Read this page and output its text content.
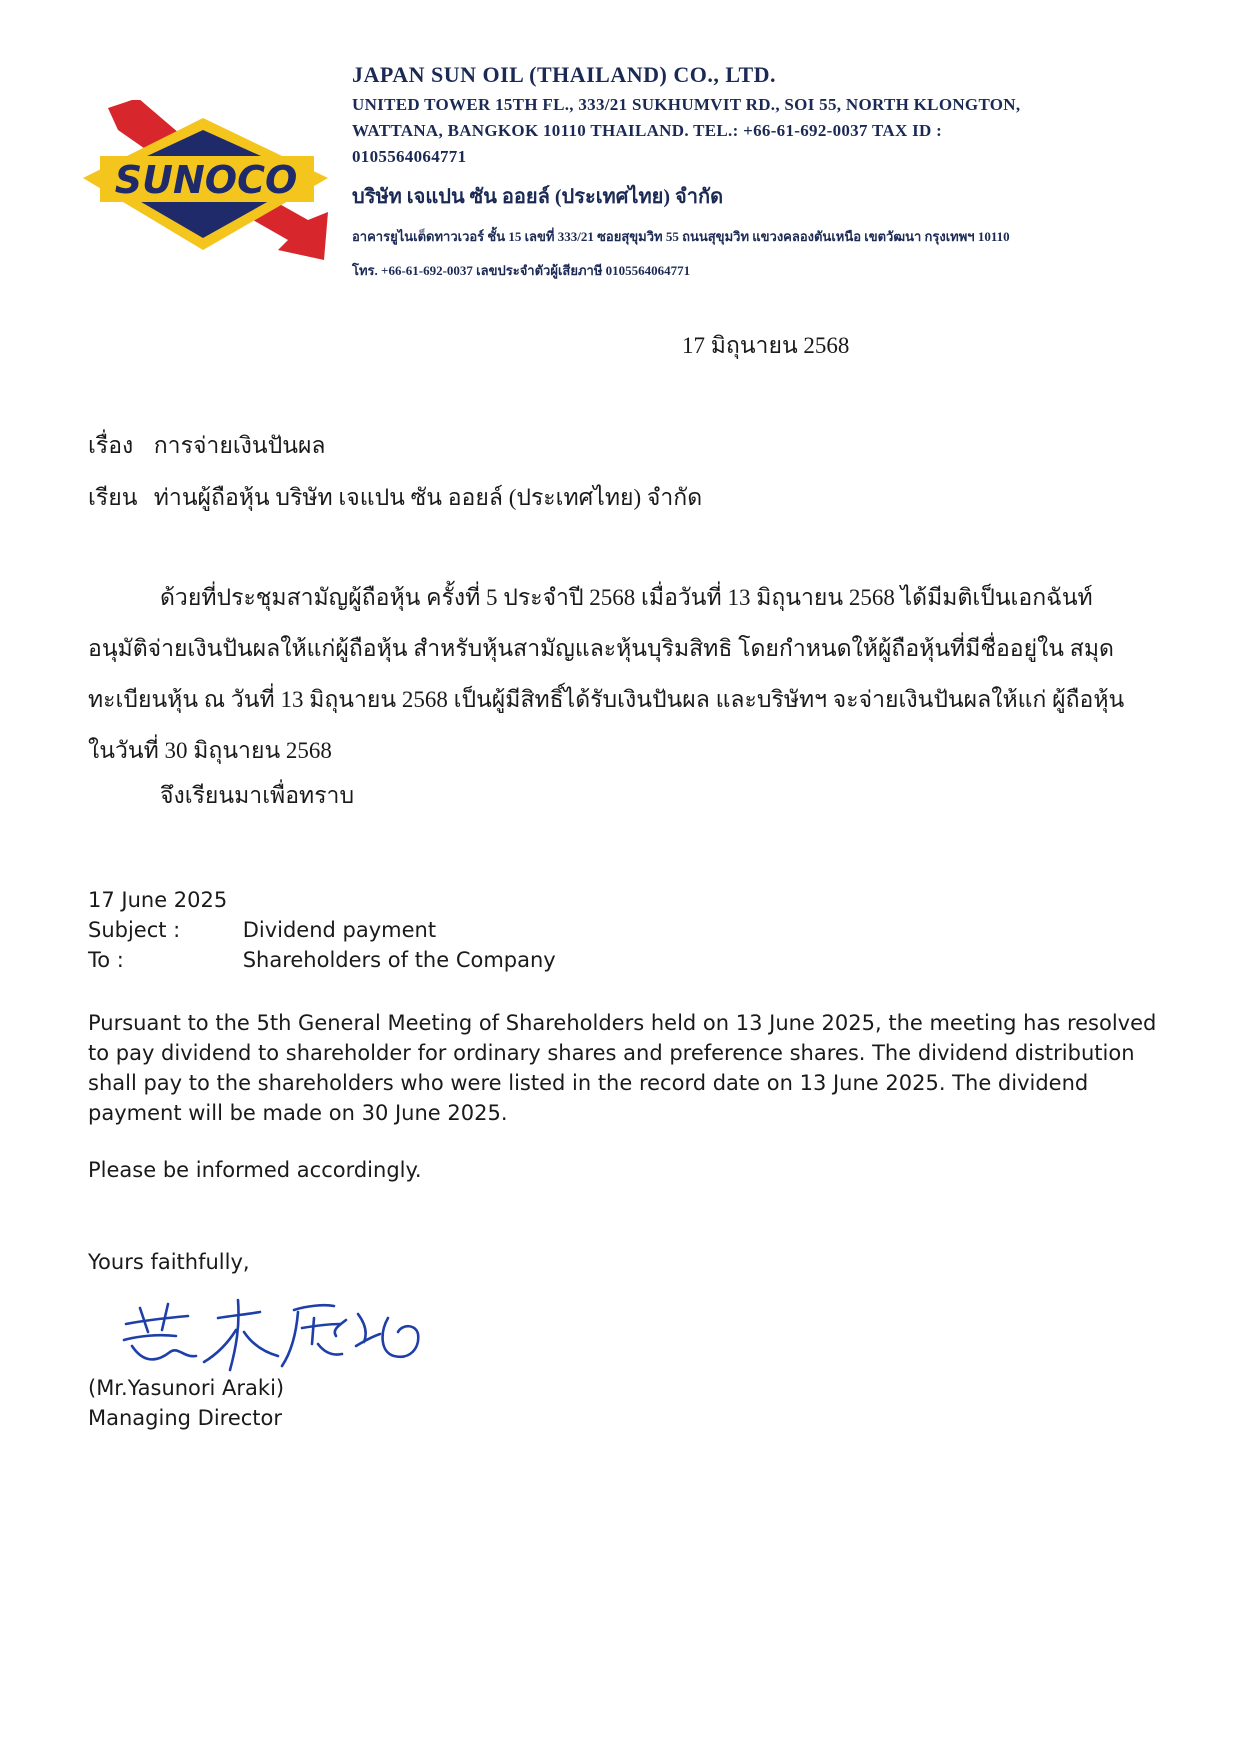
SUNOCO
JAPAN SUN OIL (THAILAND) CO., LTD.
UNITED TOWER 15TH FL., 333/21 SUKHUMVIT RD., SOI 55, NORTH KLONGTON,
WATTANA, BANGKOK 10110 THAILAND. TEL.: +66-61-692-0037 TAX ID :
0105564064771
บริษัท เจแปน ซัน ออยล์ (ประเทศไทย) จำกัด
อาคารยูไนเต็ดทาวเวอร์ ชั้น 15 เลขที่ 333/21 ซอยสุขุมวิท 55 ถนนสุขุมวิท แขวงคลองตันเหนือ เขตวัฒนา กรุงเทพฯ 10110
โทร. +66-61-692-0037 เลขประจำตัวผู้เสียภาษี 0105564064771
17 มิถุนายน 2568
เรื่อง การจ่ายเงินปันผล
เรียน ท่านผู้ถือหุ้น บริษัท เจแปน ซัน ออยล์ (ประเทศไทย) จำกัด
ด้วยที่ประชุมสามัญผู้ถือหุ้น ครั้งที่ 5 ประจำปี 2568 เมื่อวันที่ 13 มิถุนายน 2568 ได้มีมติเป็นเอกฉันท์ อนุมัติจ่ายเงินปันผลให้แก่ผู้ถือหุ้น สำหรับหุ้นสามัญและหุ้นบุริมสิทธิ โดยกำหนดให้ผู้ถือหุ้นที่มีชื่ออยู่ใน สมุดทะเบียนหุ้น ณ วันที่ 13 มิถุนายน 2568 เป็นผู้มีสิทธิ์ได้รับเงินปันผล และบริษัทฯ จะจ่ายเงินปันผลให้แก่ ผู้ถือหุ้นในวันที่ 30 มิถุนายน 2568
จึงเรียนมาเพื่อทราบ
17 June 2025
Subject :	Dividend payment
To :	Shareholders of the Company
Pursuant to the 5th General Meeting of Shareholders held on 13 June 2025, the meeting has resolved to pay dividend to shareholder for ordinary shares and preference shares. The dividend distribution shall pay to the shareholders who were listed in the record date on 13 June 2025. The dividend payment will be made on 30 June 2025.
Please be informed accordingly.
Yours faithfully,
(Mr.Yasunori Araki)
Managing Director
